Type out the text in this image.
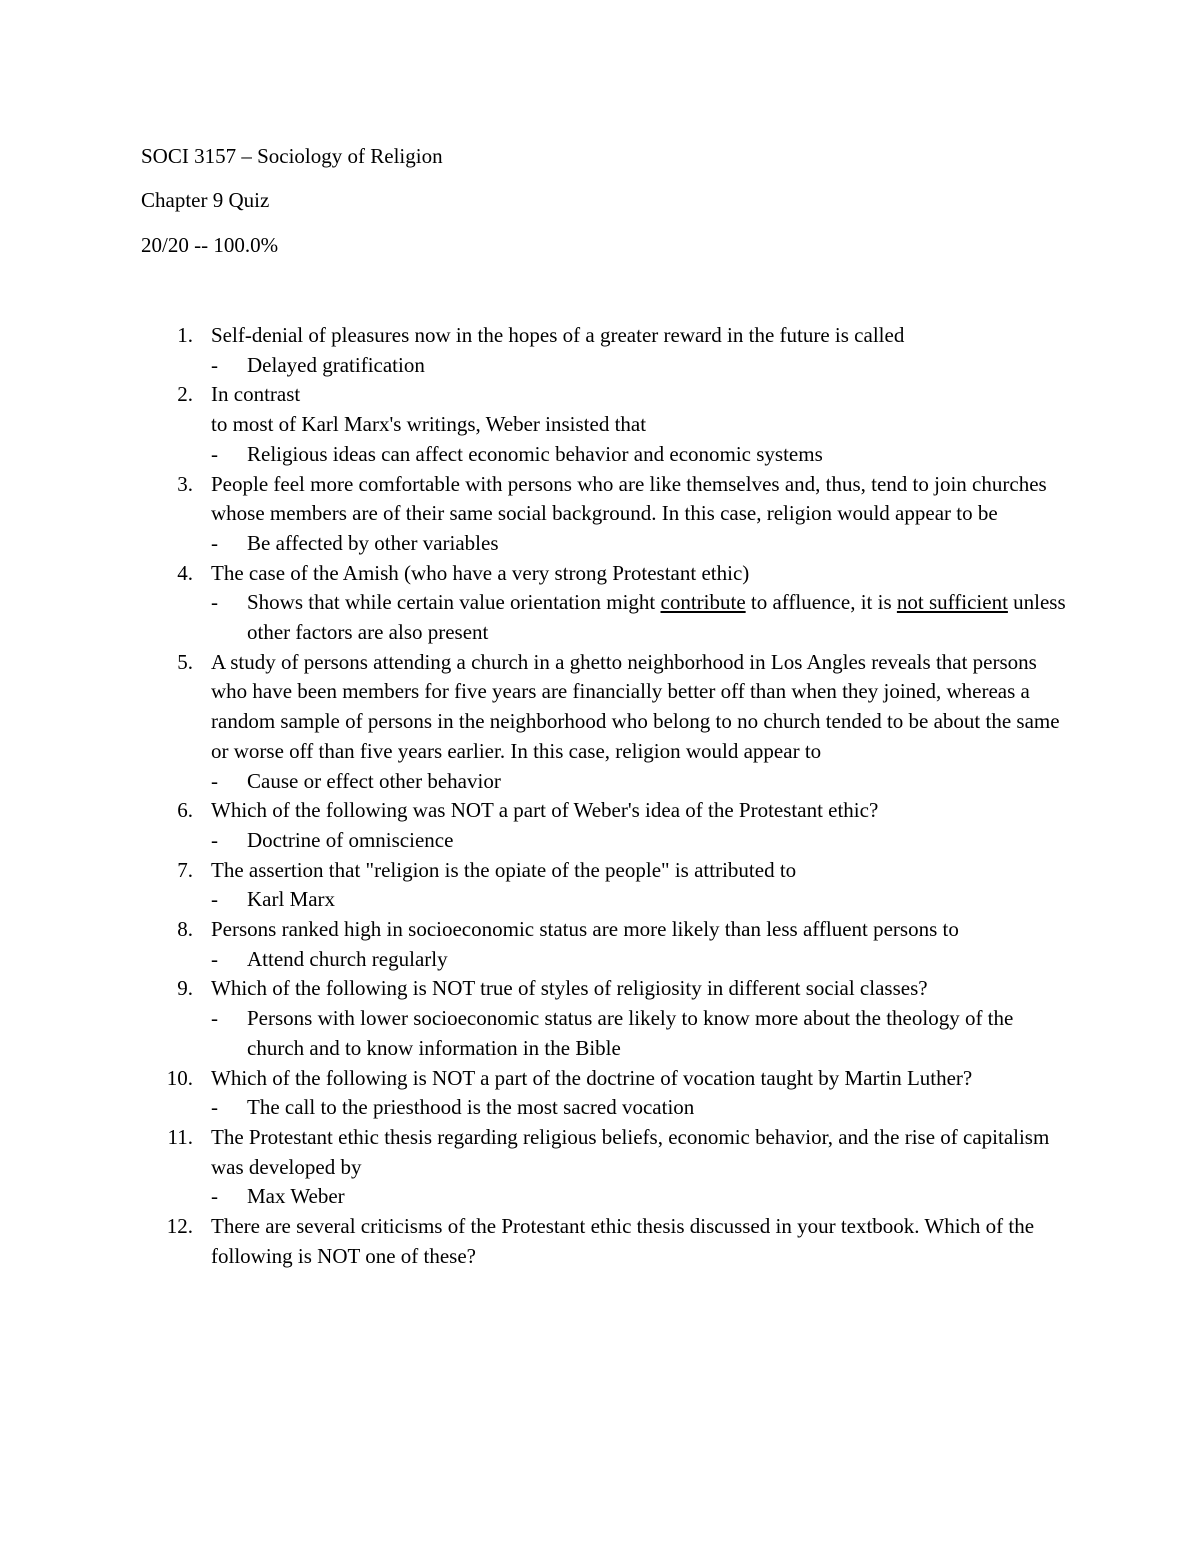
SOCI 3157 – Sociology of Religion
Chapter 9 Quiz
20/20 -- 100.0%
1. Self-denial of pleasures now in the hopes of a greater reward in the future is called
-	Delayed gratification
2. In contrast
to most of Karl Marx's writings, Weber insisted that
-	Religious ideas can affect economic behavior and economic systems
3. People feel more comfortable with persons who are like themselves and, thus, tend to join churches whose members are of their same social background. In this case, religion would appear to be
-	Be affected by other variables
4. The case of the Amish (who have a very strong Protestant ethic)
-	Shows that while certain value orientation might contribute to affluence, it is not sufficient unless other factors are also present
5. A study of persons attending a church in a ghetto neighborhood in Los Angles reveals that persons who have been members for five years are financially better off than when they joined, whereas a random sample of persons in the neighborhood who belong to no church tended to be about the same or worse off than five years earlier. In this case, religion would appear to
-	Cause or effect other behavior
6. Which of the following was NOT a part of Weber's idea of the Protestant ethic?
-	Doctrine of omniscience
7. The assertion that "religion is the opiate of the people" is attributed to
-	Karl Marx
8. Persons ranked high in socioeconomic status are more likely than less affluent persons to
-	Attend church regularly
9. Which of the following is NOT true of styles of religiosity in different social classes?
-	Persons with lower socioeconomic status are likely to know more about the theology of the church and to know information in the Bible
10. Which of the following is NOT a part of the doctrine of vocation taught by Martin Luther?
-	The call to the priesthood is the most sacred vocation
11. The Protestant ethic thesis regarding religious beliefs, economic behavior, and the rise of capitalism was developed by
-	Max Weber
12. There are several criticisms of the Protestant ethic thesis discussed in your textbook. Which of the following is NOT one of these?
